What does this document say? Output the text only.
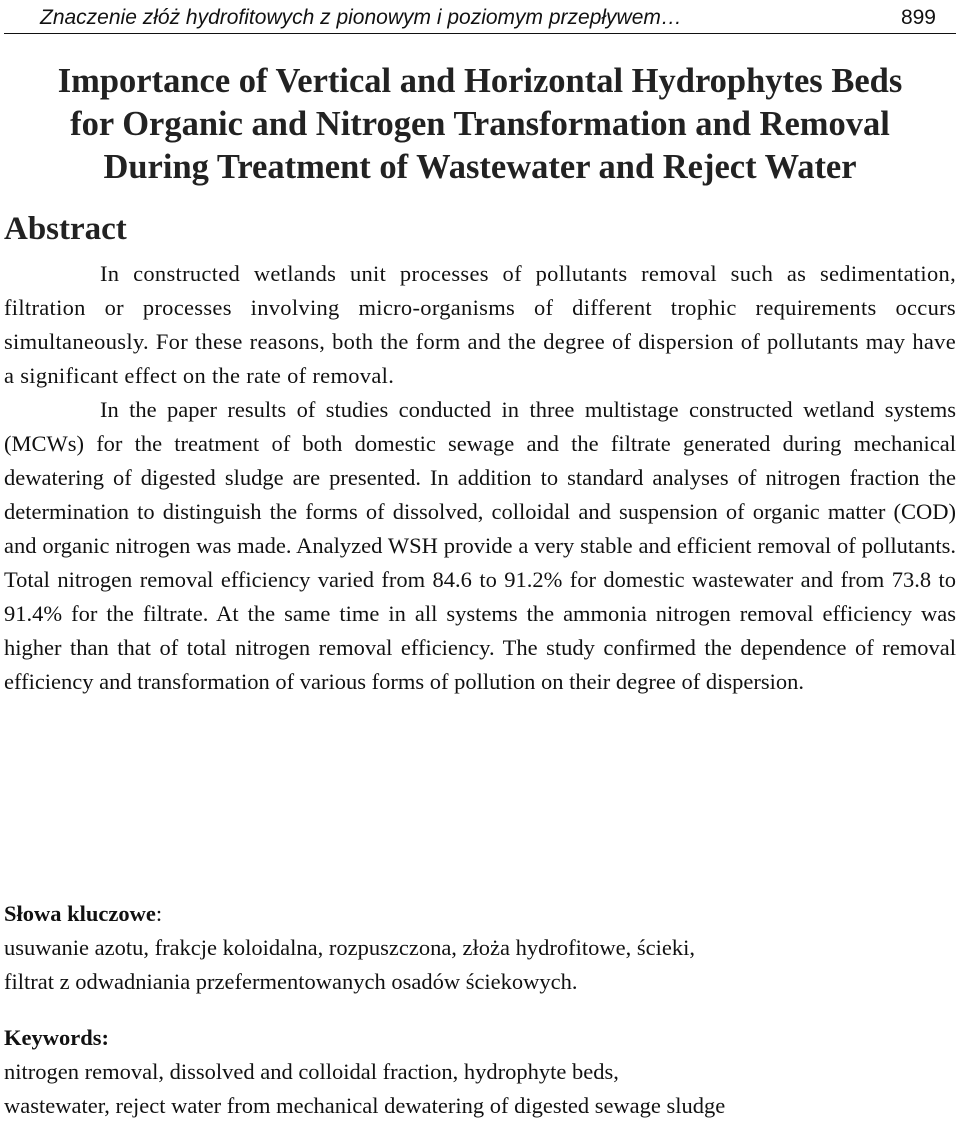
Znaczenie złóż hydrofitowych z pionowym i poziomym przepływem…	899
Importance of Vertical and Horizontal Hydrophytes Beds
for Organic and Nitrogen Transformation and Removal
During Treatment of Wastewater and Reject Water
Abstract

In constructed wetlands unit processes of pollutants removal such as sedimentation, filtration or processes involving micro-organisms of different trophic requirements occurs simultaneously. For these reasons, both the form and the degree of dispersion of pollutants may have a significant effect on the rate of removal.

In the paper results of studies conducted in three multistage constructed wetland systems (MCWs) for the treatment of both domestic sewage and the filtrate generated during mechanical dewatering of digested sludge are presented. In addition to standard analyses of nitrogen fraction the determination to distinguish the forms of dissolved, colloidal and suspension of organic matter (COD) and organic nitrogen was made. Analyzed WSH provide a very stable and efficient removal of pollutants. Total nitrogen removal efficiency varied from 84.6 to 91.2% for domestic wastewater and from 73.8 to 91.4% for the filtrate. At the same time in all systems the ammonia nitrogen removal efficiency was higher than that of total nitrogen removal efficiency. The study confirmed the dependence of removal efficiency and transformation of various forms of pollution on their degree of dispersion.

Słowa kluczowe:
usuwanie azotu, frakcje koloidalna, rozpuszczona, złoża hydrofitowe, ścieki,
filtrat z odwadniania przefermentowanych osadów ściekowych.
Keywords:
nitrogen removal, dissolved and colloidal fraction, hydrophyte beds,
wastewater, reject water from mechanical dewatering of digested sewage sludge
